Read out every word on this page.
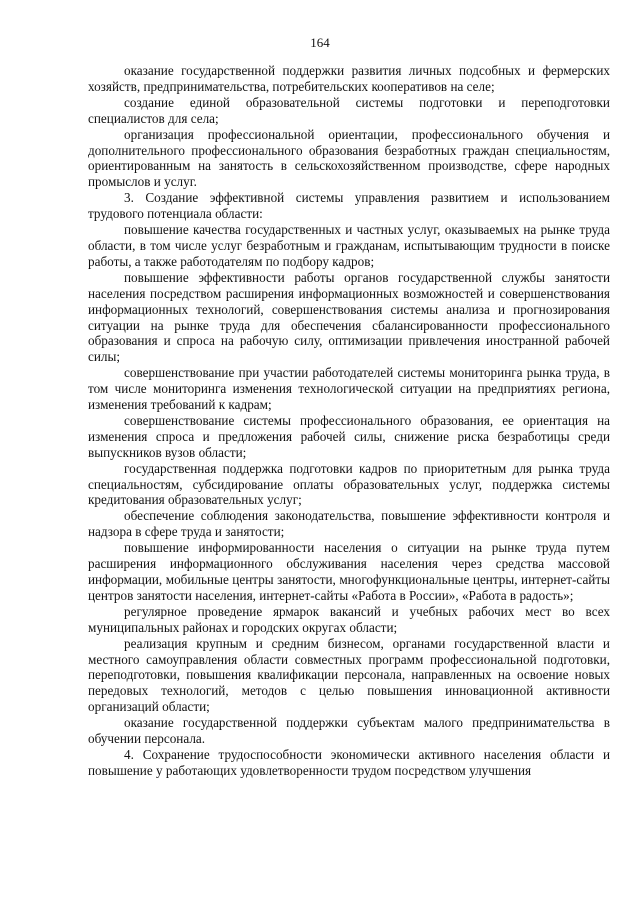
164

оказание государственной поддержки развития личных подсобных и фермерских хозяйств, предпринимательства, потребительских кооперативов на селе;

создание единой образовательной системы подготовки и переподготовки специалистов для села;

организация профессиональной ориентации, профессионального обучения и дополнительного профессионального образования безработных граждан специальностям, ориентированным на занятость в сельскохозяйственном производстве, сфере народных промыслов и услуг.

3. Создание эффективной системы управления развитием и использованием трудового потенциала области:

повышение качества государственных и частных услуг, оказываемых на рынке труда области, в том числе услуг безработным и гражданам, испытывающим трудности в поиске работы, а также работодателям по подбору кадров;

повышение эффективности работы органов государственной службы занятости населения посредством расширения информационных возможностей и совершенствования информационных технологий, совершенствования системы анализа и прогнозирования ситуации на рынке труда для обеспечения сбалансированности профессионального образования и спроса на рабочую силу, оптимизации привлечения иностранной рабочей силы;

совершенствование при участии работодателей системы мониторинга рынка труда, в том числе мониторинга изменения технологической ситуации на предприятиях региона, изменения требований к кадрам;

совершенствование системы профессионального образования, ее ориентация на изменения спроса и предложения рабочей силы, снижение риска безработицы среди выпускников вузов области;

государственная поддержка подготовки кадров по приоритетным для рынка труда специальностям, субсидирование оплаты образовательных услуг, поддержка системы кредитования образовательных услуг;

обеспечение соблюдения законодательства, повышение эффективности контроля и надзора в сфере труда и занятости;

повышение информированности населения о ситуации на рынке труда путем расширения информационного обслуживания населения через средства массовой информации, мобильные центры занятости, многофункциональные центры, интернет-сайты центров занятости населения, интернет-сайты «Работа в России», «Работа в радость»;

регулярное проведение ярмарок вакансий и учебных рабочих мест во всех муниципальных районах и городских округах области;

реализация крупным и средним бизнесом, органами государственной власти и местного самоуправления области совместных программ профессиональной подготовки, переподготовки, повышения квалификации персонала, направленных на освоение новых передовых технологий, методов с целью повышения инновационной активности организаций области;

оказание государственной поддержки субъектам малого предпринимательства в обучении персонала.

4. Сохранение трудоспособности экономически активного населения области и повышение у работающих удовлетворенности трудом посредством улучшения
